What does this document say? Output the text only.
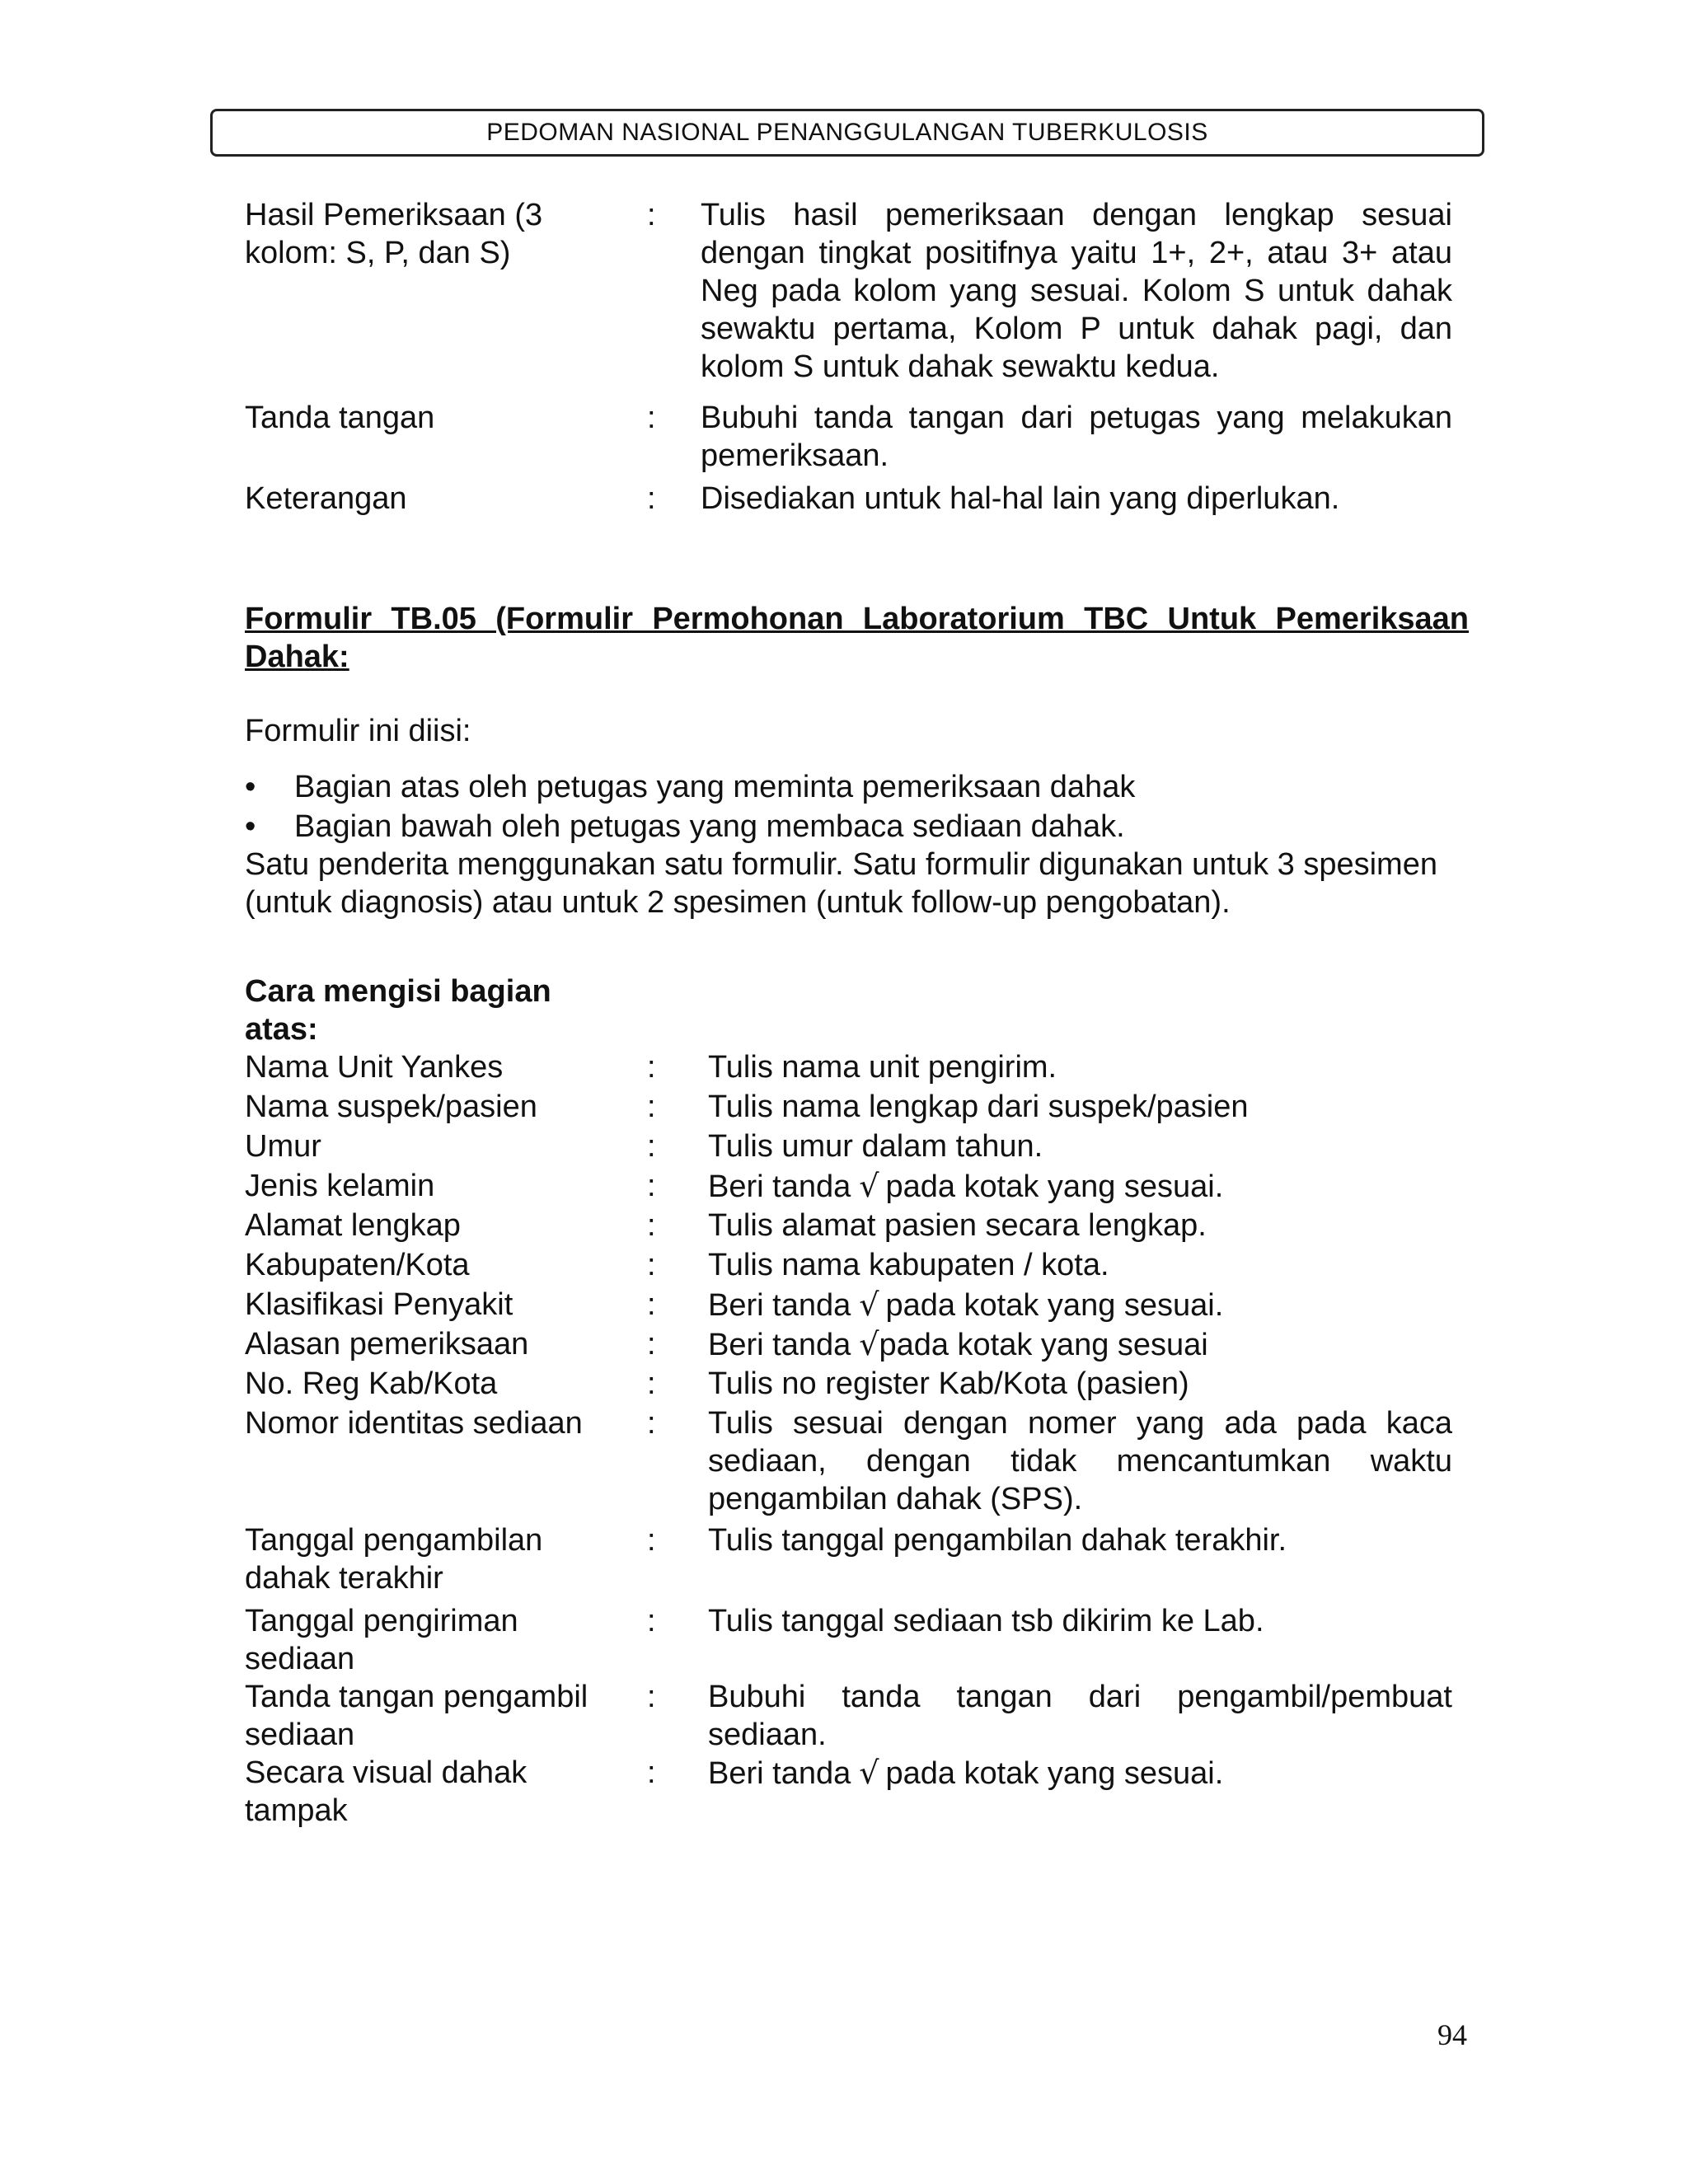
PEDOMAN NASIONAL PENANGGULANGAN TUBERKULOSIS
Hasil Pemeriksaan (3 kolom: S, P, dan S)
: Tulis hasil pemeriksaan dengan lengkap sesuai dengan tingkat positifnya yaitu 1+, 2+, atau 3+ atau Neg pada kolom yang sesuai. Kolom S untuk dahak sewaktu pertama, Kolom P untuk dahak pagi, dan kolom S untuk dahak sewaktu kedua.
Tanda tangan	: Bubuhi tanda tangan dari petugas yang melakukan pemeriksaan.
Keterangan	: Disediakan untuk hal-hal lain yang diperlukan.
Formulir TB.05 (Formulir Permohonan Laboratorium TBC Untuk Pemeriksaan Dahak:
Formulir ini diisi:
• Bagian atas oleh petugas yang meminta pemeriksaan dahak
• Bagian bawah oleh petugas yang membaca sediaan dahak.
Satu penderita menggunakan satu formulir. Satu formulir digunakan untuk 3 spesimen (untuk diagnosis) atau untuk 2 spesimen (untuk follow-up pengobatan).
Cara mengisi bagian atas:
Nama Unit Yankes	: Tulis nama unit pengirim.
Nama suspek/pasien	: Tulis nama lengkap dari suspek/pasien
Umur	: Tulis umur dalam tahun.
Jenis kelamin	: Beri tanda √ pada kotak yang sesuai.
Alamat lengkap	: Tulis alamat pasien secara lengkap.
Kabupaten/Kota	: Tulis nama kabupaten / kota.
Klasifikasi Penyakit	: Beri tanda √ pada kotak yang sesuai.
Alasan pemeriksaan	: Beri tanda √pada kotak yang sesuai
No. Reg Kab/Kota	: Tulis no register Kab/Kota (pasien)
Nomor identitas sediaan	: Tulis sesuai dengan nomer yang ada pada kaca sediaan, dengan tidak mencantumkan waktu pengambilan dahak (SPS).
Tanggal pengambilan dahak terakhir
: Tulis tanggal pengambilan dahak terakhir.
Tanggal pengiriman sediaan
: Tulis tanggal sediaan tsb dikirim ke Lab.
Tanda tangan pengambil sediaan
: Bubuhi tanda tangan dari pengambil/pembuat sediaan.
Secara visual dahak tampak
: Beri tanda √ pada kotak yang sesuai.
94
